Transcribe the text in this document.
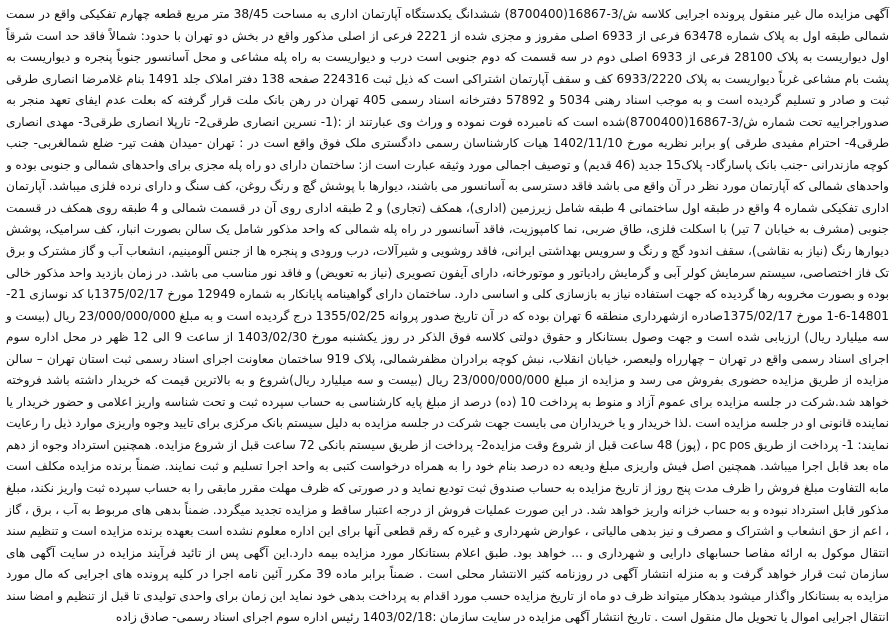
آگهی مزایده مال غیر منقول پرونده اجرایی کلاسه ش/3-16867(8700400) ششدانگ یکدستگاه آپارتمان اداری به مساحت 38/45 متر مربع قطعه چهارم تفکیکی واقع در سمت شمالی طبقه اول به پلاک شماره 63478 فرعی از 6933 اصلی مفروز و مجزی شده از 2221 فرعی از اصلی مذکور واقع در بخش دو تهران با حدود: شمالاً فاقد حد است شرقاً اول دیواریست به پلاک 28100 فرعی از 6933 اصلی دوم در سه قسمت که دوم جنوبی است درب و دیواریست به راه پله مشاعی و محل آسانسور جنوباً پنجره و دیواریست به پشت بام مشاعی غرباً دیواریست به پلاک 6933/2220 کف و سقف آپارتمان اشتراکی است که ذیل ثبت 224316 صفحه 138 دفتر املاک جلد 1491 بنام غلامرضا انصاری طرقی ثبت و صادر و تسلیم گردیده است و به موجب اسناد رهنی 5034 و 57892 دفترخانه اسناد رسمی 405 تهران در رهن بانک ملت قرار گرفته که بعلت عدم ایفای تعهد منجر به صدوراجراییه تحت شماره ش/3-16867(8700400)شده است که نامبرده فوت نموده و وراث وی عبارتند از :(1- نسرین انصاری طرقی2- تارپلا انصاری طرقی3- مهدی انصاری طرقی4- احترام مفیدی طرقی )و برابر نظریه مورخ 1402/11/10 هیات کارشناسان رسمی دادگستری ملک فوق واقع است در : تهران -میدان هفت تیر- ضلع شمالغربی- جنب کوچه مازندرانی -جنب بانک پاسارگاد- پلاک15 جدید (46 قدیم) و توصیف اجمالی مورد وثیقه عبارت است از: ساختمان دارای دو راه پله مجزی برای واحدهای شمالی و جنوبی بوده و واحدهای شمالی که آپارتمان مورد نظر در آن واقع می باشد فاقد دسترسی به آسانسور می باشند، دیوارها با پوشش گچ و رنگ روغن، کف سنگ و دارای نرده فلزی میباشد. آپارتمان اداری تفکیکی شماره 4 واقع در طبقه اول ساختمانی 4 طبقه شامل زیرزمین (اداری)، همکف (تجاری) و 2 طبقه اداری روی آن در قسمت شمالی و 4 طبقه روی همکف در قسمت جنوبی (مشرف به خیابان 7 تیر) با اسکلت فلزی، طاق ضربی، نما کامپوزیت، فاقد آسانسور در راه پله شمالی که واحد مذکور شامل یک سالن بصورت انبار، کف سرامیک، پوشش دیوارها رنگ (نیاز به نقاشی)، سقف اندود گچ و رنگ و سرویس بهداشتی ایرانی، فاقد روشویی و شیرآلات، درب ورودی و پنجره ها از جنس آلومینیم، انشعاب آب و گاز مشترک و برق تک فاز اختصاصی، سیستم سرمایش کولر آبی و گرمایش رادیاتور و موتورخانه، دارای آیفون تصویری (نیاز به تعویض) و فاقد نور مناسب می باشد. در زمان بازدید واحد مذکور خالی بوده و بصورت مخروبه رها گردیده که جهت استفاده نیاز به بازسازی کلی و اساسی دارد. ساختمان دارای گواهینامه پایانکار به شماره 12949 مورخ 1375/02/17با کد نوسازی 21-14801-6-1 مورخ 1375/02/17صادره ازشهرداری منطقه 6 تهران بوده که در آن تاریخ صدور پروانه 1355/02/25 درج گردیده است و به مبلغ 23/000/000/000 ریال (بیست و سه میلیارد ریال) ارزیابی شده است و جهت وصول بستانکار و حقوق دولتی کلاسه فوق الذکر در روز یکشنبه مورخ 1403/02/30 از ساعت 9 الی 12 ظهر در محل اداره سوم اجرای اسناد رسمی واقع در تهران – چهارراه ولیعصر، خیابان انقلاب، نبش کوچه برادران مظفرشمالی، پلاک 919 ساختمان معاونت اجرای اسناد رسمی ثبت استان تهران – سالن مزایده از طریق مزایده حضوری بفروش می رسد و مزایده از مبلغ 23/000/000/000 ریال (بیست و سه میلیارد ریال)شروع و به بالاترین قیمت که خریدار داشته باشد فروخته خواهد شد.شرکت در جلسه مزایده برای عموم آزاد و منوط به پرداخت 10 (ده) درصد از مبلغ پایه کارشناسی به حساب سپرده ثبت و تحت شناسه واریز اعلامی و حضور خریدار یا نماینده قانونی او در جلسه مزایده است .لذا خریدار و یا خریداران می بایست جهت شرکت در جلسه مزایده به دلیل سیستم بانک مرکزی برای تایید وجوه واریزی موارد ذیل را رعایت نمایند: 1- پرداخت از طریق pc pos ، (پوز) 48 ساعت قبل از شروع وقت مزایده2- پرداخت از طریق سیستم بانکی 72 ساعت قبل از شروع مزایده. همچنین استرداد وجوه از دهم ماه بعد قابل اجرا میباشد. همچنین اصل فیش واریزی مبلغ ودیعه ده درصد بنام خود را به همراه درخواست کتبی به واحد اجرا تسلیم و ثبت نمایند. ضمناً برنده مزایده مکلف است مابه التفاوت مبلغ فروش را ظرف مدت پنج روز از تاریخ مزایده به حساب صندوق ثبت تودیع نماید و در صورتی که ظرف مهلت مقرر مابقی را به حساب سپرده ثبت واریز نکند، مبلغ مذکور قابل استرداد نبوده و به حساب خزانه واریز خواهد شد. در این صورت عملیات فروش از درجه اعتبار ساقط و مزایده تجدید میگردد. ضمناً بدهی های مربوط به آب ، برق ، گاز ، اعم از حق انشعاب و اشتراک و مصرف و نیز بدهی مالیاتی ، عوارض شهرداری و غیره که رقم قطعی آنها برای این اداره معلوم نشده است بعهده برنده مزایده است و تنظیم سند انتقال موکول به ارائه مفاصا حسابهای دارایی و شهرداری و ... خواهد بود. طبق اعلام بستانکار مورد مزایده بیمه دارد.این آگهی پس از تائید فرآیند مزایده در سایت آگهی های سازمان ثبت قرار خواهد گرفت و به منزله انتشار آگهی در روزنامه کثیر الانتشار محلی است . ضمناً برابر ماده 39 مکرر آئین نامه اجرا در کلیه پرونده های اجرایی که مال مورد مزایده به بستانکار واگذار میشود بدهکار میتواند ظرف دو ماه از تاریخ مزایده حسب مورد اقدام به پرداخت بدهی خود نماید این زمان برای واحدی تولیدی تا قبل از تنظیم و امضا سند انتقال اجرایی اموال یا تحویل مال منقول است . تاریخ انتشار آگهی مزایده در سایت سازمان :1403/02/18 رئیس اداره سوم اجرای اسناد رسمی- صادق زاده
